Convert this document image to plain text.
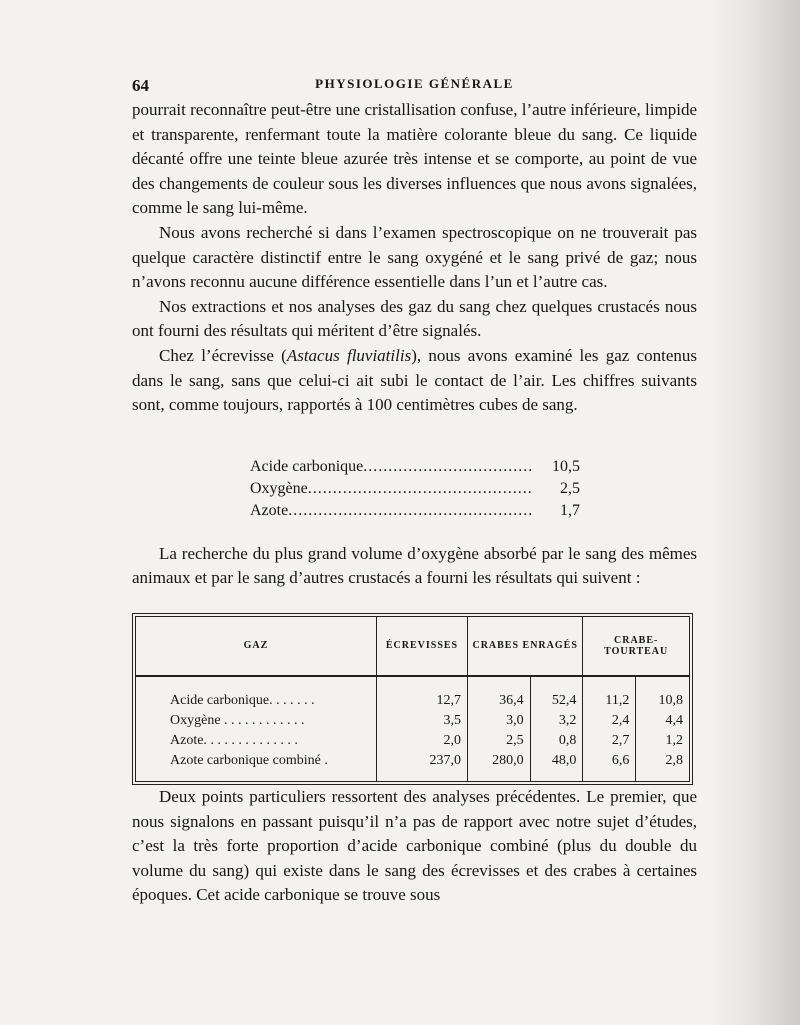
64	PHYSIOLOGIE GÉNÉRALE

pourrait reconnaître peut-être une cristallisation confuse, l’autre inférieure, limpide et transparente, renfermant toute la matière colorante bleue du sang. Ce liquide décanté offre une teinte bleue azurée très intense et se comporte, au point de vue des changements de couleur sous les diverses influences que nous avons signalées, comme le sang lui-même.

Nous avons recherché si dans l’examen spectroscopique on ne trouverait pas quelque caractère distinctif entre le sang oxygéné et le sang privé de gaz; nous n’avons reconnu aucune différence essentielle dans l’un et l’autre cas.

Nos extractions et nos analyses des gaz du sang chez quelques crustacés nous ont fourni des résultats qui méritent d’être signalés.

Chez l’écrevisse (Astacus fluviatilis), nous avons examiné les gaz contenus dans le sang, sans que celui-ci ait subi le contact de l’air. Les chiffres suivants sont, comme toujours, rapportés à 100 centimètres cubes de sang.

Acide carbonique .....	10,5
Oxygène .....	2,5
Azote .....	1,7

La recherche du plus grand volume d’oxygène absorbé par le sang des mêmes animaux et par le sang d’autres crustacés a fourni les résultats qui suivent :

GAZ	ÉCREVISSES	CRABES ENRAGÉS		CRABE-TOURTEAU	

Acide carbonique. . . . . . .	12,7	36,4	52,4	11,2	10,8
Oxygène . . . . . . . . . . . .	3,5	3,0	3,2	2,4	4,4
Azote. . . . . . . . . . . . . .	2,0	2,5	0,8	2,7	1,2
Azote carbonique combiné .	237,0	280,0	48,0	6,6	2,8

Deux points particuliers ressortent des analyses précédentes. Le premier, que nous signalons en passant puisqu’il n’a pas de rapport avec notre sujet d’études, c’est la très forte proportion d’acide carbonique combiné (plus du double du volume du sang) qui existe dans le sang des écrevisses et des crabes à certaines époques. Cet acide carbonique se trouve sous
